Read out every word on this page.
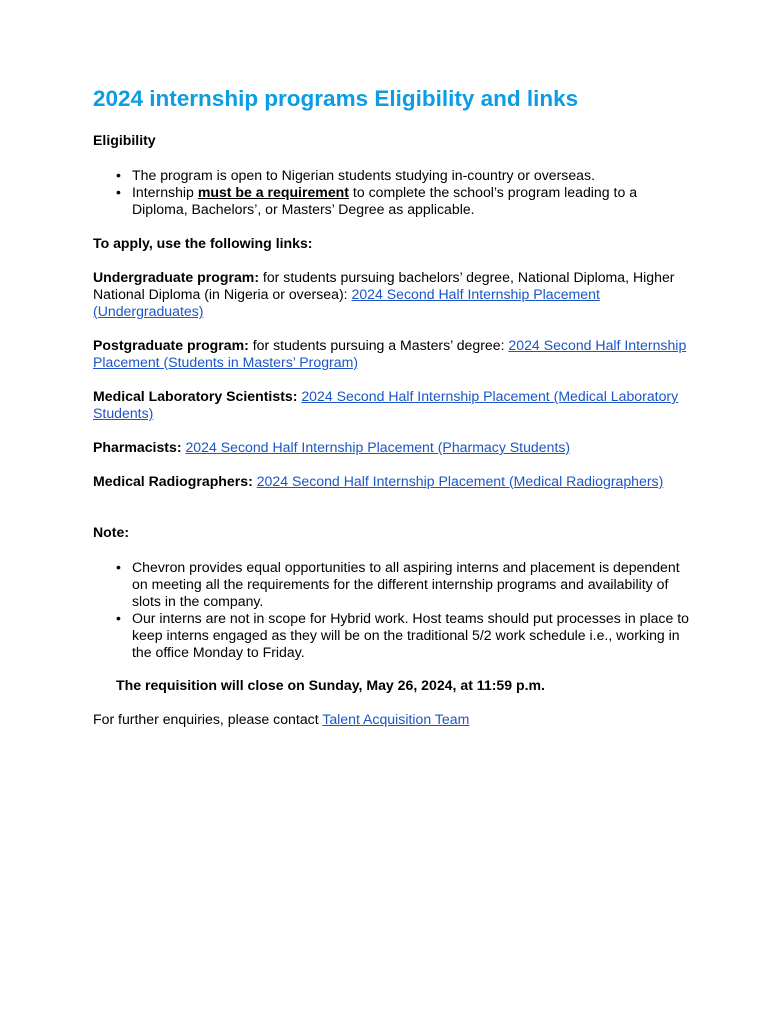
2024 internship programs Eligibility and links

Eligibility

• The program is open to Nigerian students studying in-country or overseas.
• Internship must be a requirement to complete the school’s program leading to a Diploma, Bachelors’, or Masters’ Degree as applicable.

To apply, use the following links:

Undergraduate program: for students pursuing bachelors’ degree, National Diploma, Higher National Diploma (in Nigeria or oversea): 2024 Second Half Internship Placement (Undergraduates)

Postgraduate program: for students pursuing a Masters’ degree: 2024 Second Half Internship Placement (Students in Masters’ Program)

Medical Laboratory Scientists: 2024 Second Half Internship Placement (Medical Laboratory Students)

Pharmacists: 2024 Second Half Internship Placement (Pharmacy Students)

Medical Radiographers: 2024 Second Half Internship Placement (Medical Radiographers)

Note:

• Chevron provides equal opportunities to all aspiring interns and placement is dependent on meeting all the requirements for the different internship programs and availability of slots in the company.
• Our interns are not in scope for Hybrid work. Host teams should put processes in place to keep interns engaged as they will be on the traditional 5/2 work schedule i.e., working in the office Monday to Friday.

The requisition will close on Sunday, May 26, 2024, at 11:59 p.m.

For further enquiries, please contact Talent Acquisition Team
